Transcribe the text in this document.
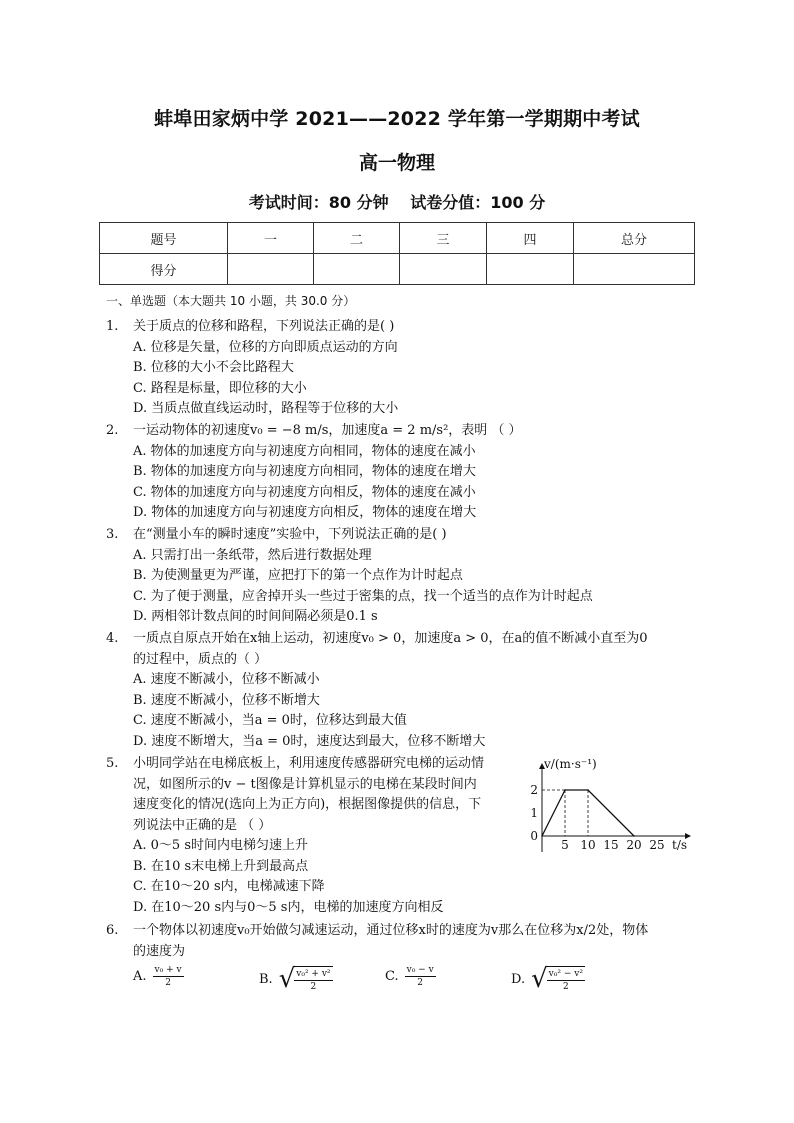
蚌埠田家炳中学 2021——2022 学年第一学期期中考试
高一物理
考试时间：80 分钟 试卷分值：100 分
题号	一	二	三	四	总分
得分					
一、单选题（本大题共 10 小题，共 30.0 分）
1. 关于质点的位移和路程，下列说法正确的是( )
A. 位移是矢量，位移的方向即质点运动的方向
B. 位移的大小不会比路程大
C. 路程是标量，即位移的大小
D. 当质点做直线运动时，路程等于位移的大小
2. 一运动物体的初速度v₀ = −8 m/s，加速度a = 2 m/s²，表明 （ ）
A. 物体的加速度方向与初速度方向相同，物体的速度在减小
B. 物体的加速度方向与初速度方向相同，物体的速度在增大
C. 物体的加速度方向与初速度方向相反，物体的速度在减小
D. 物体的加速度方向与初速度方向相反，物体的速度在增大
3. 在“测量小车的瞬时速度”实验中，下列说法正确的是( )
A. 只需打出一条纸带，然后进行数据处理
B. 为使测量更为严谨，应把打下的第一个点作为计时起点
C. 为了便于测量，应舍掉开头一些过于密集的点，找一个适当的点作为计时起点
D. 两相邻计数点间的时间间隔必须是0.1 s
4. 一质点自原点开始在x轴上运动，初速度v₀ > 0，加速度a > 0，在a的值不断减小直至为0
的过程中，质点的（ ）
A. 速度不断减小，位移不断减小
B. 速度不断减小，位移不断增大
C. 速度不断减小，当a = 0时，位移达到最大值
D. 速度不断增大，当a = 0时，速度达到最大，位移不断增大
5. 小明同学站在电梯底板上，利用速度传感器研究电梯的运动情
况，如图所示的v − t图像是计算机显示的电梯在某段时间内
速度变化的情况(选向上为正方向)，根据图像提供的信息，下
列说法中正确的是 （ ）
A. 0～5 s时间内电梯匀速上升
B. 在10 s末电梯上升到最高点
C. 在10～20 s内，电梯减速下降
D. 在10～20 s内与0～5 s内，电梯的加速度方向相反
v/(m·s⁻¹)
t/s
5 10 15 20 25
2
1
0
6. 一个物体以初速度v₀开始做匀减速运动，通过位移x时的速度为v那么在位移为x/2处，物体
的速度为
A. $\frac{\text{v₀ + v}}{2}$	B. √ $\frac{\text{v₀² + v²}}{2}$	C. $\frac{\text{v₀ − v}}{2}$	D. √ $\frac{\text{v₀² − v²}}{2}$
